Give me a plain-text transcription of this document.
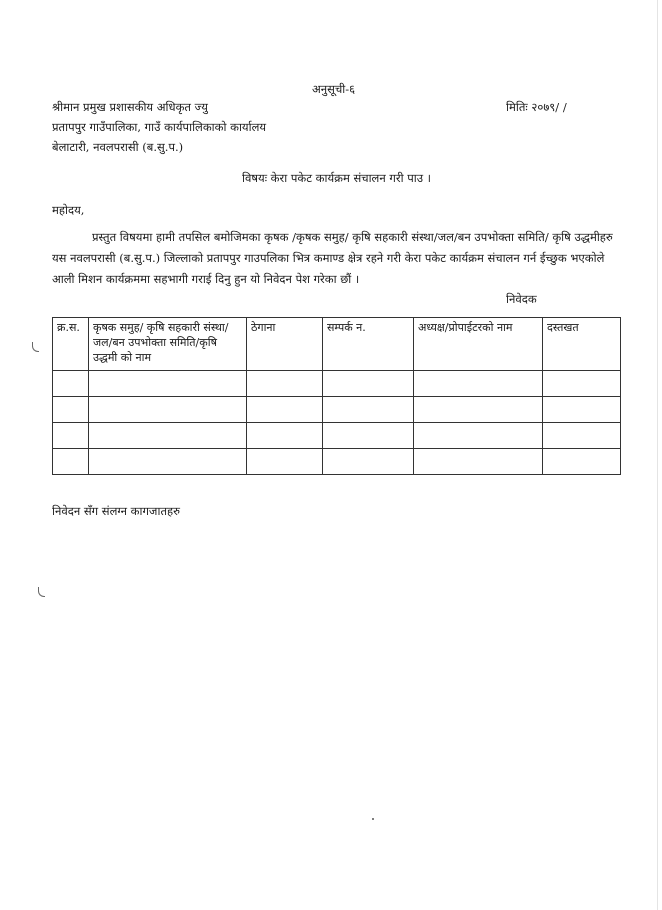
अनुसूची-६
श्रीमान प्रमुख प्रशासकीय अधिकृत ज्यु	मितिः २०७९/ /
प्रतापपुर गाउँपालिका, गाउँ कार्यपालिकाको कार्यालय
बेलाटारी, नवलपरासी (ब.सु.प.)
विषयः केरा पकेट कार्यक्रम संचालन गरी पाउ ।
महोदय,
प्रस्तुत विषयमा हामी तपसिल बमोजिमका कृषक /कृषक समुह/ कृषि सहकारी संस्था/जल/बन उपभोक्ता समिति/ कृषि उद्धमीहरु
यस नवलपरासी (ब.सु.प.) जिल्लाको प्रतापपुर गाउपलिका भित्र कमाण्ड क्षेत्र रहने गरी केरा पकेट कार्यक्रम संचालन गर्न ईच्छुक भएकोले
आली मिशन कार्यक्रममा सहभागी गराई दिनु हुन यो निवेदन पेश गरेका छौं ।
निवेदक
क्र.स.	कृषक समुह/ कृषि सहकारी संस्था/ जल/बन उपभोक्ता समिति/कृषि उद्धमी को नाम	ठेगाना	सम्पर्क न.	अध्यक्ष/प्रोपाईटरको नाम	दस्तखत

निवेदन सँग संलग्न कागजातहरु
